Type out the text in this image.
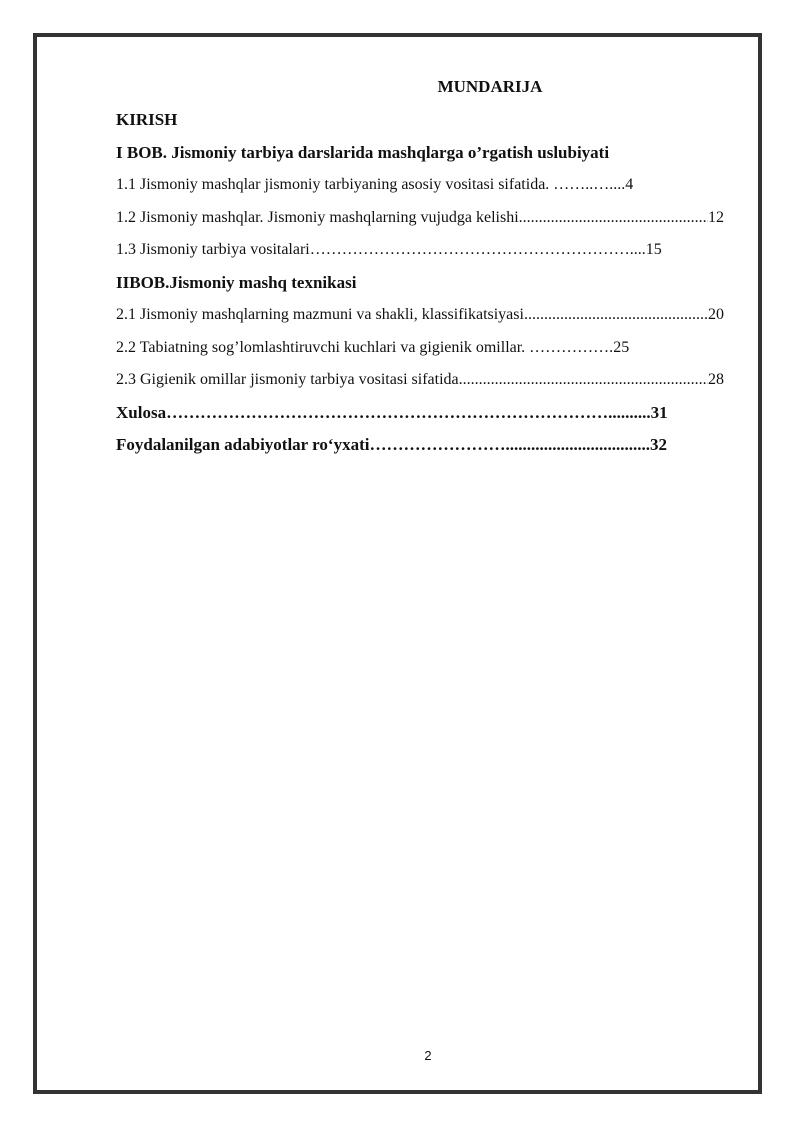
MUNDARIJA
KIRISH
I BOB. Jismoniy tarbiya darslarida mashqlarga o’rgatish uslubiyati
1.1 Jismoniy mashqlar jismoniy tarbiyaning asosiy vositasi sifatida. ……..….... 4
1.2 Jismoniy mashqlar. Jismoniy mashqlarning vujudga kelishi .....	12
1.3 Jismoniy tarbiya vositalari…………………………………………………….... 15
IIBOB.Jismoniy mashq texnikasi
2.1 Jismoniy mashqlarning mazmuni va shakli, klassifikatsiyasi .....	20
2.2 Tabiatning sog’lomlashtiruvchi kuchlari va gigienik omillar. ……………. 25
2.3 Gigienik omillar jismoniy tarbiya vositasi sifatida .....	28
Xulosa…………………………………………………………………….......... 31
Foydalanilgan adabiyotlar ro‘yxati…………………….................................. 32
2
